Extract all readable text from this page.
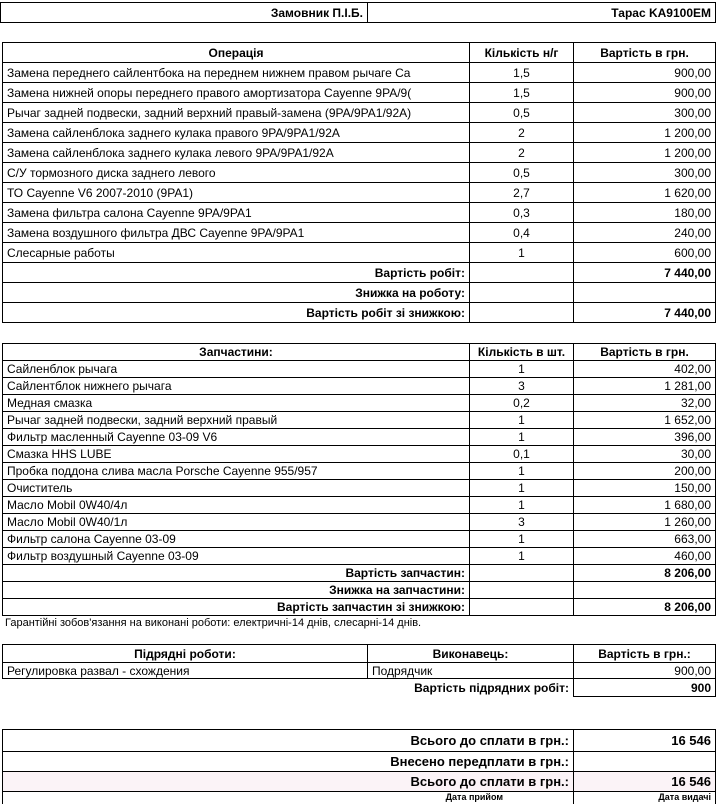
Замовник П.І.Б.	Тарас KA9100EM
Операція	Кількість н/г	Вартість в грн.
Замена переднего сайлентбока на переднем нижнем правом рычаге Ca	1,5	900,00
Замена нижней опоры переднего правого амортизатора Cayenne 9PA/9(	1,5	900,00
Рычаг задней подвески, задний верхний правый-замена (9PA/9PA1/92A)	0,5	300,00
Замена сайленблока заднего кулака правого 9PA/9PA1/92A	2	1 200,00
Замена сайленблока заднего кулака левого 9PA/9PA1/92A	2	1 200,00
С/У тормозного диска заднего левого	0,5	300,00
ТО Cayenne V6 2007-2010 (9PA1)	2,7	1 620,00
Замена фильтра салона Cayenne 9PA/9PA1	0,3	180,00
Замена воздушного фильтра ДВС Cayenne 9PA/9PA1	0,4	240,00
Слесарные работы	1	600,00
Вартість робіт:		7 440,00
Знижка на роботу:		
Вартість робіт зі знижкою:		7 440,00
Запчастини:	Кількість в шт.	Вартість в грн.
Сайленблок рычага	1	402,00
Сайлентблок нижнего рычага	3	1 281,00
Медная смазка	0,2	32,00
Рычаг задней подвески, задний верхний правый	1	1 652,00
Фильтр масленный Cayenne 03-09 V6	1	396,00
Смазка HHS LUBE	0,1	30,00
Пробка поддона слива масла Porsche Cayenne 955/957	1	200,00
Очиститель	1	150,00
Масло Mobil 0W40/4л	1	1 680,00
Масло Mobil 0W40/1л	3	1 260,00
Фильтр салона Cayenne 03-09	1	663,00
Фильтр воздушный Cayenne 03-09	1	460,00
Вартість запчастин:		8 206,00
Знижка на запчастини:		
Вартість запчастин зі знижкою:		8 206,00
Гарантійні зобов'язання на виконані роботи: електричні-14 днів, слесарні-14 днів.
Підрядні роботи:	Виконавець:	Вартість в грн.:
Регулировка развал - схождения	Подрядчик	900,00
Вартість підрядних робіт:		900
Всього до сплати в грн.:	16 546
Внесено передплати в грн.:	
Всього до сплати в грн.:	16 546
Дата прийом	Дата видачі
